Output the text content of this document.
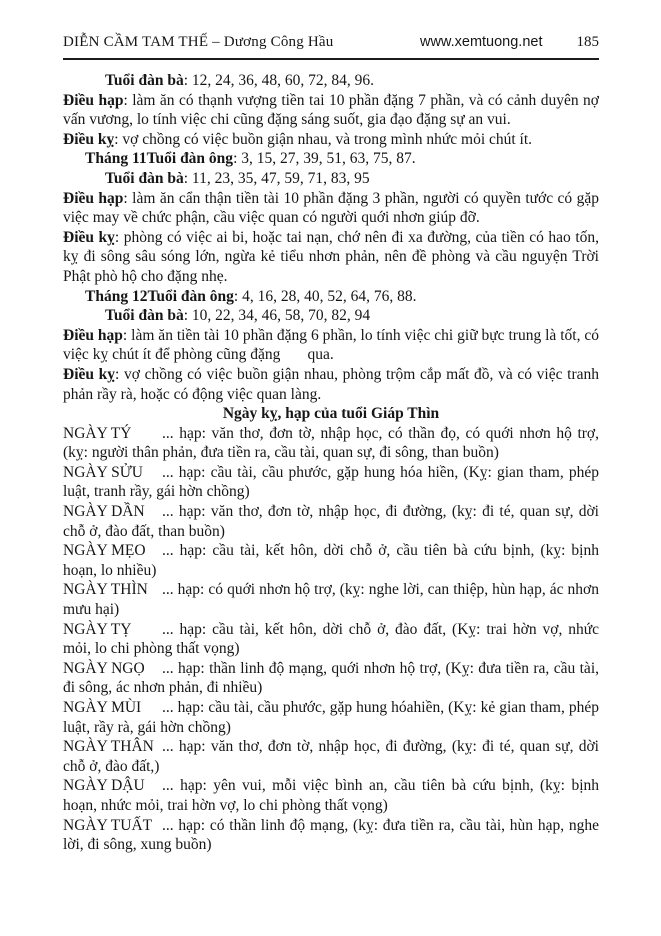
DIỄN CẦM TAM THẾ – Dương Công Hầu	www.xemtuong.net 185

Tuổi đàn bà: 12, 24, 36, 48, 60, 72, 84, 96.

Điều hạp: làm ăn có thạnh vượng tiền tai 10 phần đặng 7 phần, và có cảnh duyên nợ vấn vương, lo tính việc chi cũng đặng sáng suốt, gia đạo đặng sự an vui.

Điều kỵ: vợ chồng có việc buồn giận nhau, và trong mình nhức mỏi chút ít.

Tháng 11Tuổi đàn ông: 3, 15, 27, 39, 51, 63, 75, 87.

Tuổi đàn bà: 11, 23, 35, 47, 59, 71, 83, 95

Điều hạp: làm ăn cẩn thận tiền tài 10 phần đặng 3 phần, người có quyền tước có gặp việc may về chức phận, cầu việc quan có người quới nhơn giúp đỡ.

Điều kỵ: phòng có việc ai bi, hoặc tai nạn, chớ nên đi xa đường, của tiền có hao tốn, kỵ đi sông sâu sóng lớn, ngừa kẻ tiểu nhơn phản, nên đề phòng và cầu nguyện Trời Phật phò hộ cho đặng nhẹ.

Tháng 12Tuổi đàn ông: 4, 16, 28, 40, 52, 64, 76, 88.

Tuổi đàn bà: 10, 22, 34, 46, 58, 70, 82, 94

Điều hạp: làm ăn tiền tài 10 phần đặng 6 phần, lo tính việc chi giữ bực trung là tốt, có việc kỵ chút ít để phòng cũng đặng       qua.

Điều kỵ: vợ chồng có việc buồn giận nhau, phòng trộm cắp mất đồ, và có việc tranh phản rầy rà, hoặc có động việc quan làng.

Ngày kỵ, hạp của tuổi Giáp Thìn

NGÀY TÝ ... hạp: văn thơ, đơn tờ, nhập học, có thần đọ, có quới nhơn hộ trợ, (kỵ: người thân phản, đưa tiền ra, cầu tài, quan sự, đi sông, than buồn)

NGÀY SỬU ... hạp: cầu tài, cầu phước, gặp hung hóa hiền, (Kỵ: gian tham, phép luật, tranh rầy, gái hờn chồng)

NGÀY DẦN ... hạp: văn thơ, đơn tờ, nhập học, đi đường, (kỵ: đi té, quan sự, dời chỗ ở, đào đất, than buồn)

NGÀY MẸO ... hạp: cầu tài, kết hôn, dời chỗ ở, cầu tiên bà cứu bịnh, (kỵ: bịnh hoạn, lo nhiều)

NGÀY THÌN ... hạp: có quới nhơn hộ trợ, (kỵ: nghe lời, can thiệp, hùn hạp, ác nhơn mưu hại)

NGÀY TỴ ... hạp: cầu tài, kết hôn, dời chỗ ở, đào đất, (Kỵ: trai hờn vợ, nhức mỏi, lo chi phòng thất vọng)

NGÀY NGỌ ... hạp: thần linh độ mạng, quới nhơn hộ trợ, (Kỵ: đưa tiền ra, cầu tài, đi sông, ác nhơn phản, đi nhiều)

NGÀY MÙI ... hạp: cầu tài, cầu phước, gặp hung hóahiền, (Kỵ: kẻ gian tham, phép luật, rầy rà, gái hờn chồng)

NGÀY THÂN ... hạp: văn thơ, đơn tờ, nhập học, đi đường, (kỵ: đi té, quan sự, dời chỗ ở, đào đất,)

NGÀY DẬU ... hạp: yên vui, mỗi việc bình an, cầu tiên bà cứu bịnh, (kỵ: bịnh hoạn, nhức mỏi, trai hờn vợ, lo chi phòng thất vọng)

NGÀY TUẤT ... hạp: có thần linh độ mạng, (kỵ: đưa tiền ra, cầu tài, hùn hạp, nghe lời, đi sông, xung buồn)
